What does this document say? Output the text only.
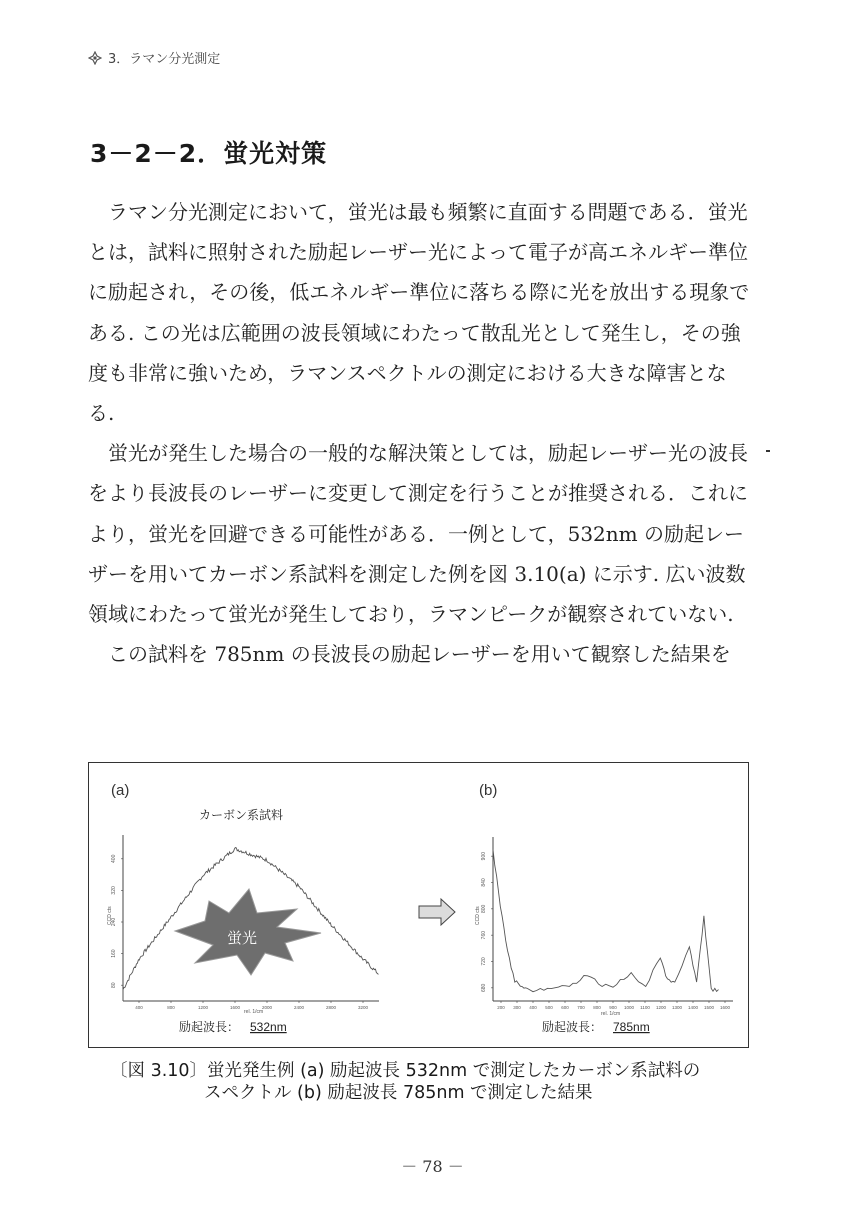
3．ラマン分光測定
3－2－2．蛍光対策

ラマン分光測定において，蛍光は最も頻繁に直面する問題である．蛍光とは，試料に照射された励起レーザー光によって電子が高エネルギー準位に励起され，その後，低エネルギー準位に落ちる際に光を放出する現象である. この光は広範囲の波長領域にわたって散乱光として発生し，その強度も非常に強いため，ラマンスペクトルの測定における大きな障害となる.

蛍光が発生した場合の一般的な解決策としては，励起レーザー光の波長をより長波長のレーザーに変更して測定を行うことが推奨される．これにより，蛍光を回避できる可能性がある．一例として，532nm の励起レーザーを用いてカーボン系試料を測定した例を図 3.10(a) に示す. 広い波数領域にわたって蛍光が発生しており，ラマンピークが観察されていない.

この試料を 785nm の長波長の励起レーザーを用いて観察した結果を

(a)	(b)
カーボン系試料
80
160
240
320
400
400	800	1200	1600	2000	2400	2800	3200
CCD cts
rel. 1/cm
蛍光
励起波長： 532nm
680
720
760
800
840
900
200 300 400 500 600 700 800 900 1000 1100 1200 1300 1400 1500 1600
CCD cts
rel. 1/cm
励起波長： 785nm
〔図 3.10〕蛍光発生例 (a) 励起波長 532nm で測定したカーボン系試料の
スペクトル (b) 励起波長 785nm で測定した結果
－ 78 －
